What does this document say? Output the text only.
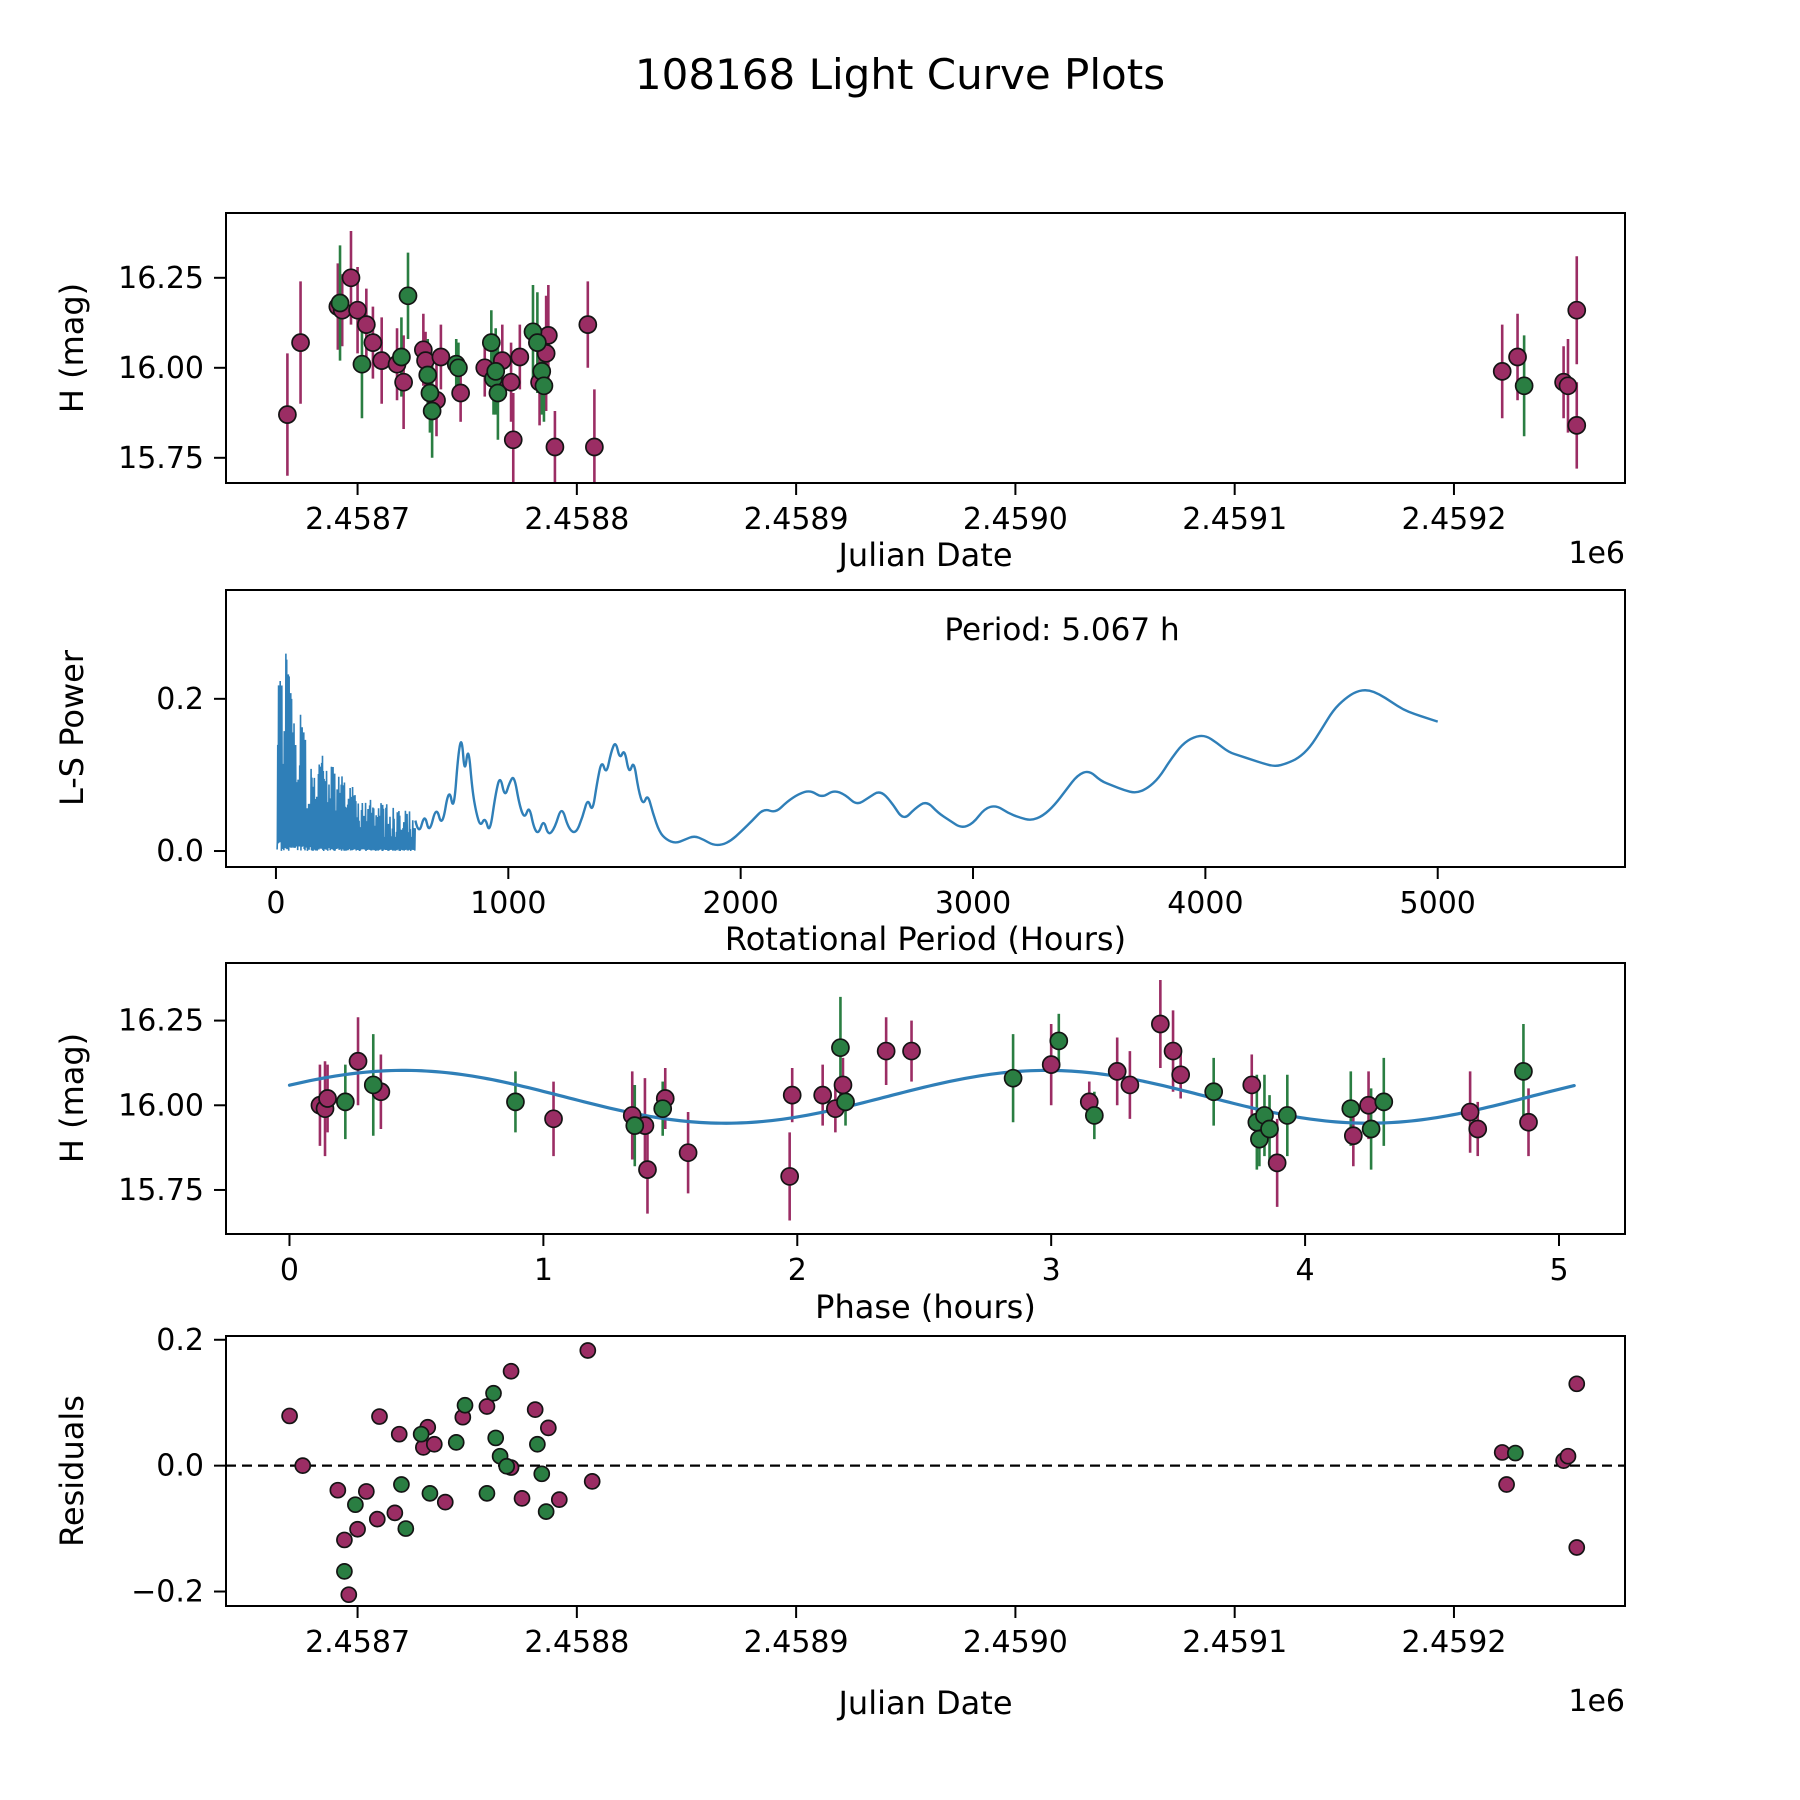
2.4587	2.4588	2.4589	2.4590	2.4591	2.4592
15.75
16.00
16.25
0	1000	2000	3000	4000	5000
0.0
0.2
0	1	2	3	4	5
15.75
16.00
16.25
2.4587	2.4588	2.4589	2.4590	2.4591	2.4592
−0.2
0.0
0.2
108168 Light Curve Plots
H (mag)
Julian Date	1e6
L-S Power
Rotational Period (Hours)
Period: 5.067 h
H (mag)
Phase (hours)
Residuals
Julian Date	1e6
